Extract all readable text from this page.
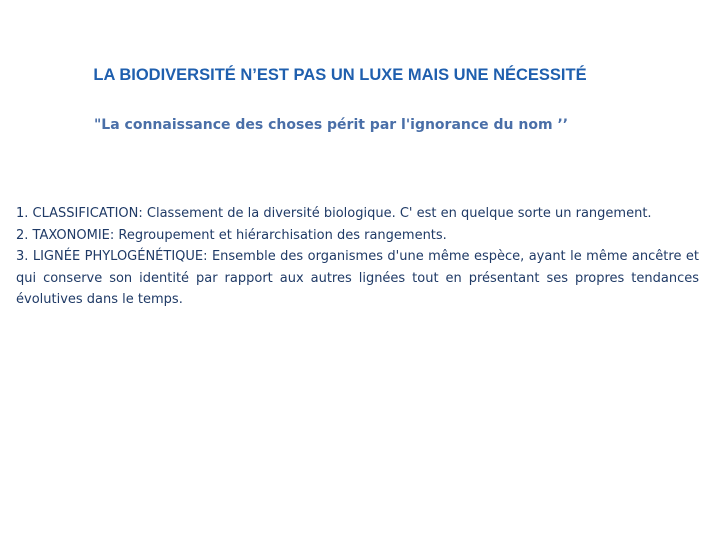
LA BIODIVERSITÉ N’EST PAS UN LUXE MAIS UNE NÉCESSITÉ
"La connaissance des choses périt par l'ignorance du nom ’’

1. CLASSIFICATION: Classement de la diversité biologique. C' est en quelque sorte un rangement.

2. TAXONOMIE: Regroupement et hiérarchisation des rangements.

3. LIGNÉE PHYLOGÉNÉTIQUE: Ensemble des organismes d'une même espèce, ayant le même ancêtre et qui conserve son identité par rapport aux autres lignées tout en présentant ses propres tendances évolutives dans le temps.
